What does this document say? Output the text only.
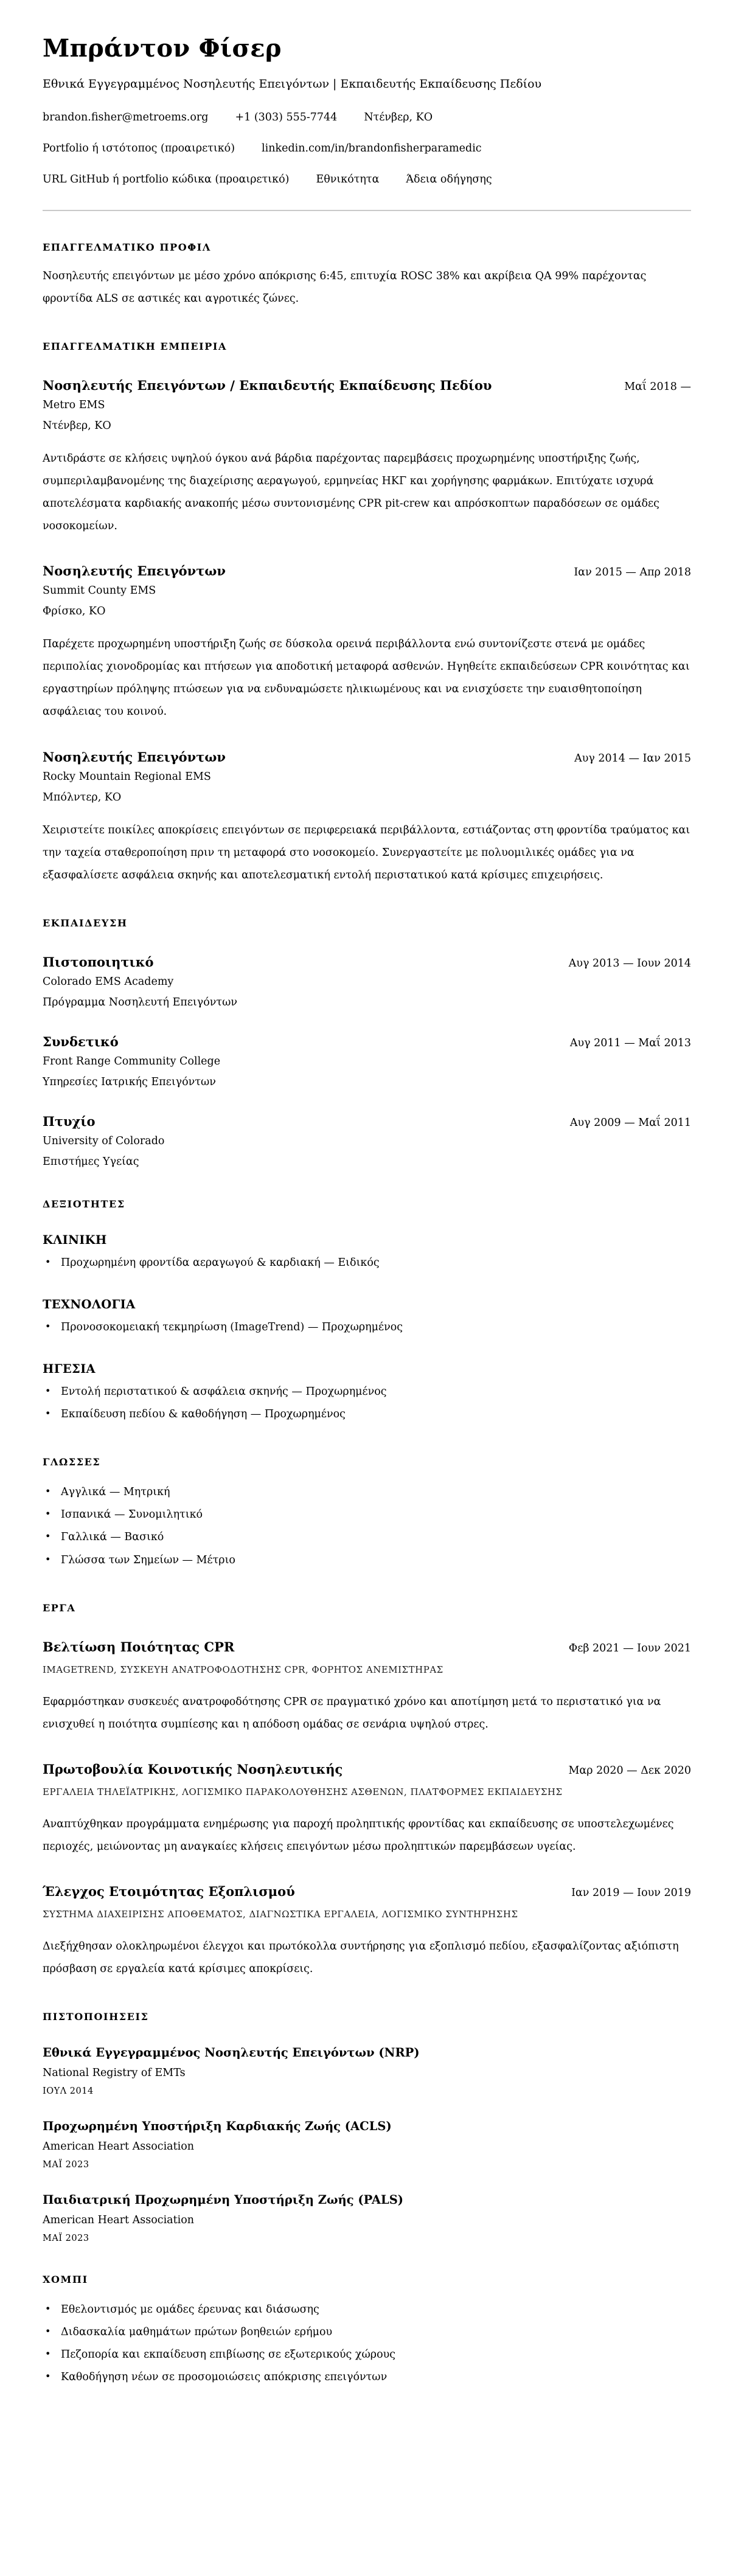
Μπράντον Φίσερ

Εθνικά Εγγεγραμμένος Νοσηλευτής Επειγόντων | Εκπαιδευτής Εκπαίδευσης Πεδίου

brandon.fisher@metroems.org	+1 (303) 555-7744	Ντένβερ, ΚΟ
Portfolio ή ιστότοπος (προαιρετικό)	linkedin.com/in/brandonfisherparamedic
URL GitHub ή portfolio κώδικα (προαιρετικό)	Εθνικότητα	Άδεια οδήγησης
ΕΠΑΓΓΕΛΜΑΤΙΚΟ ΠΡΟΦΙΛ

Νοσηλευτής επειγόντων με μέσο χρόνο απόκρισης 6:45, επιτυχία ROSC 38% και ακρίβεια QA 99% παρέχοντας φροντίδα ALS σε αστικές και αγροτικές ζώνες.

ΕΠΑΓΓΕΛΜΑΤΙΚΗ ΕΜΠΕΙΡΙΑ
Νοσηλευτής Επειγόντων / Εκπαιδευτής Εκπαίδευσης Πεδίου	Μαΐ 2018 —

Metro EMS

Ντένβερ, ΚΟ

Αντιδράστε σε κλήσεις υψηλού όγκου ανά βάρδια παρέχοντας παρεμβάσεις προχωρημένης υποστήριξης ζωής, συμπεριλαμβανομένης της διαχείρισης αεραγωγού, ερμηνείας ΗΚΓ και χορήγησης φαρμάκων. Επιτύχατε ισχυρά αποτελέσματα καρδιακής ανακοπής μέσω συντονισμένης CPR pit-crew και απρόσκοπτων παραδόσεων σε ομάδες νοσοκομείων.

Νοσηλευτής Επειγόντων	Ιαν 2015 — Απρ 2018

Summit County EMS

Φρίσκο, ΚΟ

Παρέχετε προχωρημένη υποστήριξη ζωής σε δύσκολα ορεινά περιβάλλοντα ενώ συντονίζεστε στενά με ομάδες περιπολίας χιονοδρομίας και πτήσεων για αποδοτική μεταφορά ασθενών. Ηγηθείτε εκπαιδεύσεων CPR κοινότητας και εργαστηρίων πρόληψης πτώσεων για να ενδυναμώσετε ηλικιωμένους και να ενισχύσετε την ευαισθητοποίηση ασφάλειας του κοινού.

Νοσηλευτής Επειγόντων	Αυγ 2014 — Ιαν 2015

Rocky Mountain Regional EMS

Μπόλντερ, ΚΟ

Χειριστείτε ποικίλες αποκρίσεις επειγόντων σε περιφερειακά περιβάλλοντα, εστιάζοντας στη φροντίδα τραύματος και την ταχεία σταθεροποίηση πριν τη μεταφορά στο νοσοκομείο. Συνεργαστείτε με πολυομιλικές ομάδες για να εξασφαλίσετε ασφάλεια σκηνής και αποτελεσματική εντολή περιστατικού κατά κρίσιμες επιχειρήσεις.

ΕΚΠΑΙΔΕΥΣΗ
Πιστοποιητικό	Αυγ 2013 — Ιουν 2014

Colorado EMS Academy

Πρόγραμμα Νοσηλευτή Επειγόντων

Συνδετικό	Αυγ 2011 — Μαΐ 2013

Front Range Community College

Υπηρεσίες Ιατρικής Επειγόντων

Πτυχίο	Αυγ 2009 — Μαΐ 2011

University of Colorado

Επιστήμες Υγείας

ΔΕΞΙΟΤΗΤΕΣ
ΚΛΙΝΙΚΗ
• Προχωρημένη φροντίδα αεραγωγού & καρδιακή — Ειδικός
ΤΕΧΝΟΛΟΓΙΑ
• Προνοσοκομειακή τεκμηρίωση (ImageTrend) — Προχωρημένος
ΗΓΕΣΙΑ
• Εντολή περιστατικού & ασφάλεια σκηνής — Προχωρημένος
• Εκπαίδευση πεδίου & καθοδήγηση — Προχωρημένος
ΓΛΩΣΣΕΣ
• Αγγλικά — Μητρική
• Ισπανικά — Συνομιλητικό
• Γαλλικά — Βασικό
• Γλώσσα των Σημείων — Μέτριο
ΕΡΓΑ
Βελτίωση Ποιότητας CPR	Φεβ 2021 — Ιουν 2021

IMAGETREND, ΣΥΣΚΕΥΗ ΑΝΑΤΡΟΦΟΔΟΤΗΣΗΣ CPR, ΦΟΡΗΤΟΣ ΑΝΕΜΙΣΤΗΡΑΣ

Εφαρμόστηκαν συσκευές ανατροφοδότησης CPR σε πραγματικό χρόνο και αποτίμηση μετά το περιστατικό για να ενισχυθεί η ποιότητα συμπίεσης και η απόδοση ομάδας σε σενάρια υψηλού στρες.

Πρωτοβουλία Κοινοτικής Νοσηλευτικής	Μαρ 2020 — Δεκ 2020

ΕΡΓΑΛΕΙΑ ΤΗΛΕΪΑΤΡΙΚΗΣ, ΛΟΓΙΣΜΙΚΟ ΠΑΡΑΚΟΛΟΥΘΗΣΗΣ ΑΣΘΕΝΩΝ, ΠΛΑΤΦΟΡΜΕΣ ΕΚΠΑΙΔΕΥΣΗΣ

Αναπτύχθηκαν προγράμματα ενημέρωσης για παροχή προληπτικής φροντίδας και εκπαίδευσης σε υποστελεχωμένες περιοχές, μειώνοντας μη αναγκαίες κλήσεις επειγόντων μέσω προληπτικών παρεμβάσεων υγείας.

Έλεγχος Ετοιμότητας Εξοπλισμού	Ιαν 2019 — Ιουν 2019

ΣΥΣΤΗΜΑ ΔΙΑΧΕΙΡΙΣΗΣ ΑΠΟΘΕΜΑΤΟΣ, ΔΙΑΓΝΩΣΤΙΚΑ ΕΡΓΑΛΕΙΑ, ΛΟΓΙΣΜΙΚΟ ΣΥΝΤΗΡΗΣΗΣ

Διεξήχθησαν ολοκληρωμένοι έλεγχοι και πρωτόκολλα συντήρησης για εξοπλισμό πεδίου, εξασφαλίζοντας αξιόπιστη πρόσβαση σε εργαλεία κατά κρίσιμες αποκρίσεις.

ΠΙΣΤΟΠΟΙΗΣΕΙΣ
Εθνικά Εγγεγραμμένος Νοσηλευτής Επειγόντων (NRP)

National Registry of EMTs

ΙΟΥΛ 2014

Προχωρημένη Υποστήριξη Καρδιακής Ζωής (ACLS)

American Heart Association

ΜΑΪ 2023

Παιδιατρική Προχωρημένη Υποστήριξη Ζωής (PALS)

American Heart Association

ΜΑΪ 2023

ΧΟΜΠΙ
• Εθελοντισμός με ομάδες έρευνας και διάσωσης
• Διδασκαλία μαθημάτων πρώτων βοηθειών ερήμου
• Πεζοπορία και εκπαίδευση επιβίωσης σε εξωτερικούς χώρους
• Καθοδήγηση νέων σε προσομοιώσεις απόκρισης επειγόντων
